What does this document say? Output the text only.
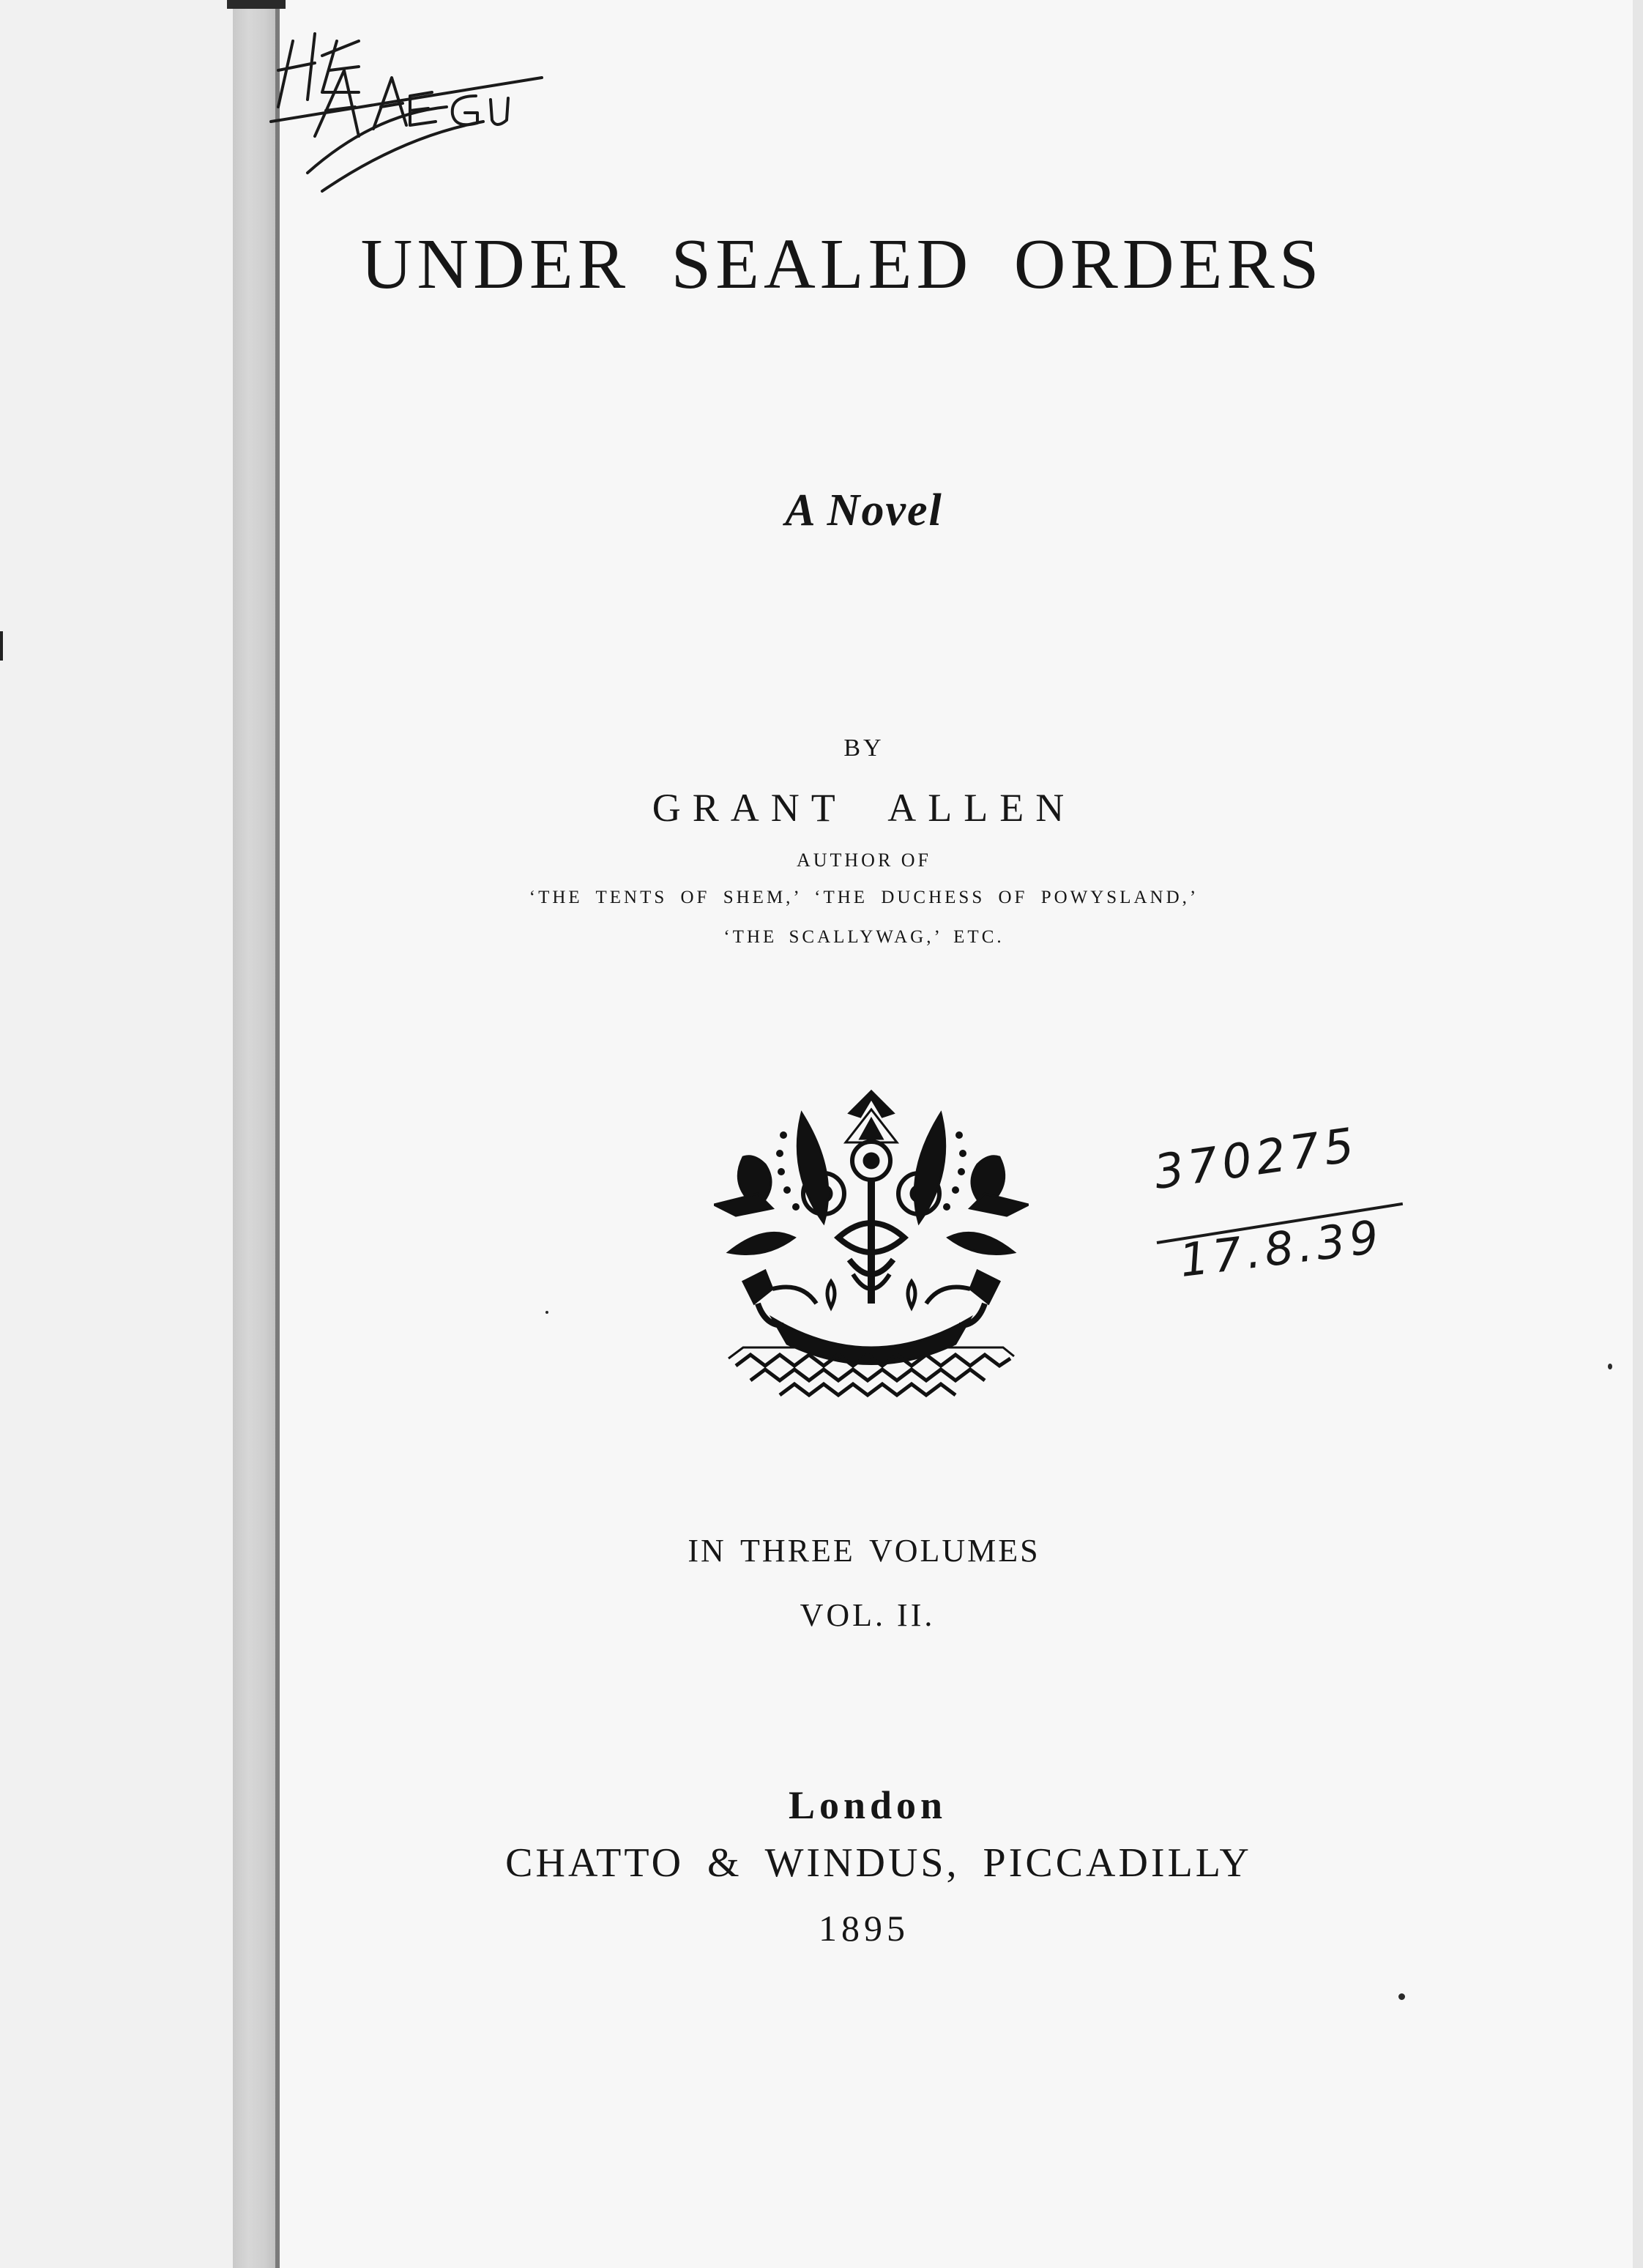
UNDER SEALED ORDERS
A Novel
BY
GRANT ALLEN
AUTHOR OF
‘THE TENTS OF SHEM,’ ‘THE DUCHESS OF POWYSLAND,’
‘THE SCALLYWAG,’ ETC.
370275
17.8.39
IN THREE VOLUMES
VOL. II.
London
CHATTO & WINDUS, PICCADILLY
1895
